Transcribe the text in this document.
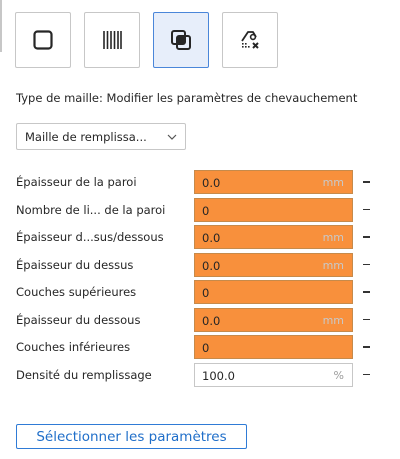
Type de maille: Modifier les paramètres de chevauchement
Maille de remplissa...
Épaisseur de la paroi	0.0	mm
Nombre de li... de la paroi	0
Épaisseur d...sus/dessous	0.0	mm
Épaisseur du dessus	0.0	mm
Couches supérieures	0
Épaisseur du dessous	0.0	mm
Couches inférieures	0
Densité du remplissage	100.0	%
Sélectionner les paramètres
